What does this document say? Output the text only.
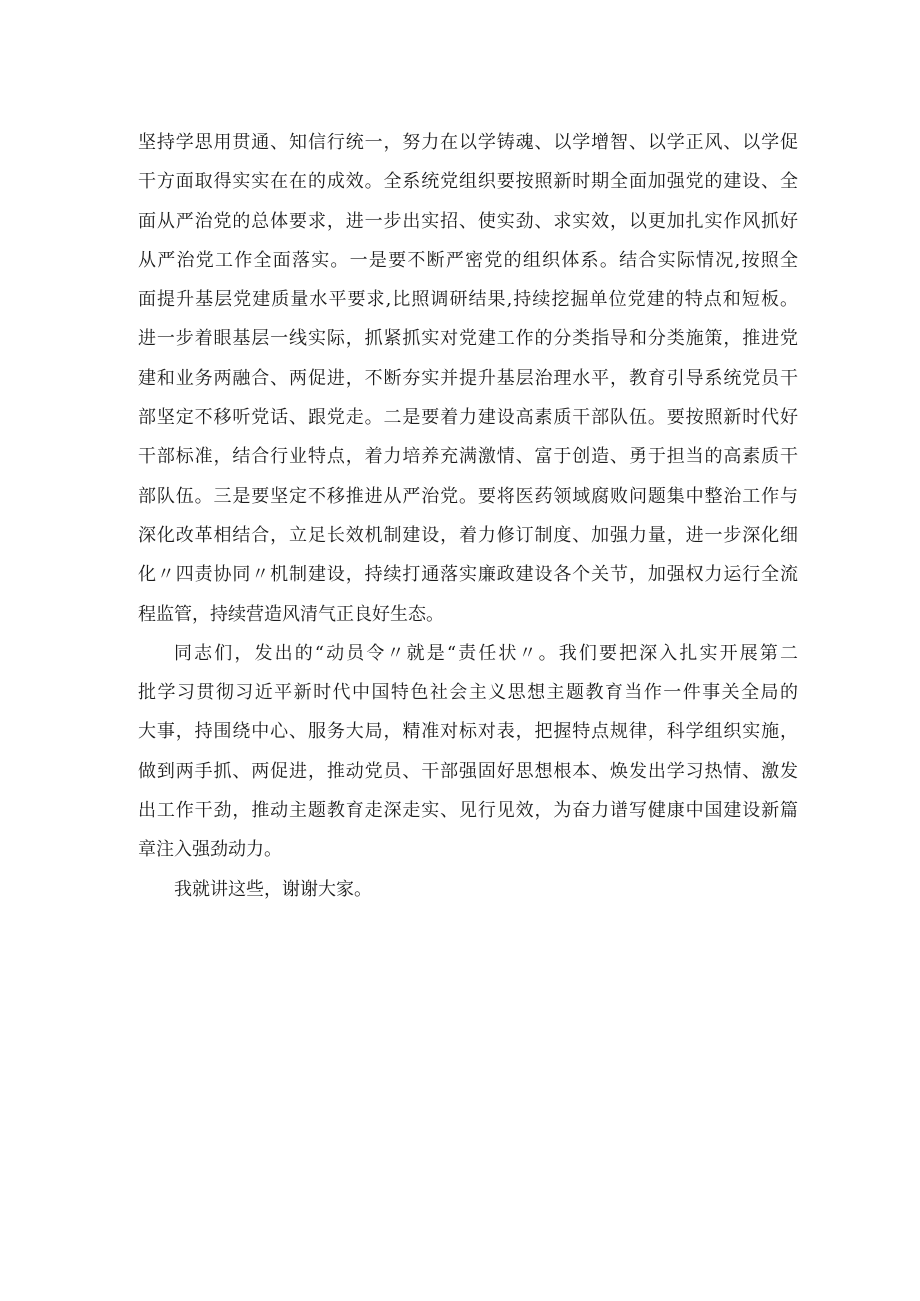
坚持学思用贯通、知信行统一，努力在以学铸魂、以学增智、以学正风、以学促
干方面取得实实在在的成效。全系统党组织要按照新时期全面加强党的建设、全
面从严治党的总体要求，进一步出实招、使实劲、求实效，以更加扎实作风抓好
从严治党工作全面落实。一是要不断严密党的组织体系。结合实际情况,按照全
面提升基层党建质量水平要求,比照调研结果,持续挖掘单位党建的特点和短板。
进一步着眼基层一线实际，抓紧抓实对党建工作的分类指导和分类施策，推进党
建和业务两融合、两促进，不断夯实并提升基层治理水平，教育引导系统党员干
部坚定不移听党话、跟党走。二是要着力建设高素质干部队伍。要按照新时代好
干部标准，结合行业特点，着力培养充满激情、富于创造、勇于担当的高素质干
部队伍。三是要坚定不移推进从严治党。要将医药领域腐败问题集中整治工作与
深化改革相结合，立足长效机制建设，着力修订制度、加强力量，进一步深化细
化〃四责协同〃机制建设，持续打通落实廉政建设各个关节，加强权力运行全流
程监管，持续营造风清气正良好生态。
同志们，发出的“动员令〃就是“责任状〃。我们要把深入扎实开展第二
批学习贯彻习近平新时代中国特色社会主义思想主题教育当作一件事关全局的
大事，持围绕中心、服务大局，精准对标对表，把握特点规律，科学组织实施，
做到两手抓、两促进，推动党员、干部强固好思想根本、焕发出学习热情、激发
出工作干劲，推动主题教育走深走实、见行见效，为奋力谱写健康中国建设新篇
章注入强劲动力。
我就讲这些，谢谢大家。
